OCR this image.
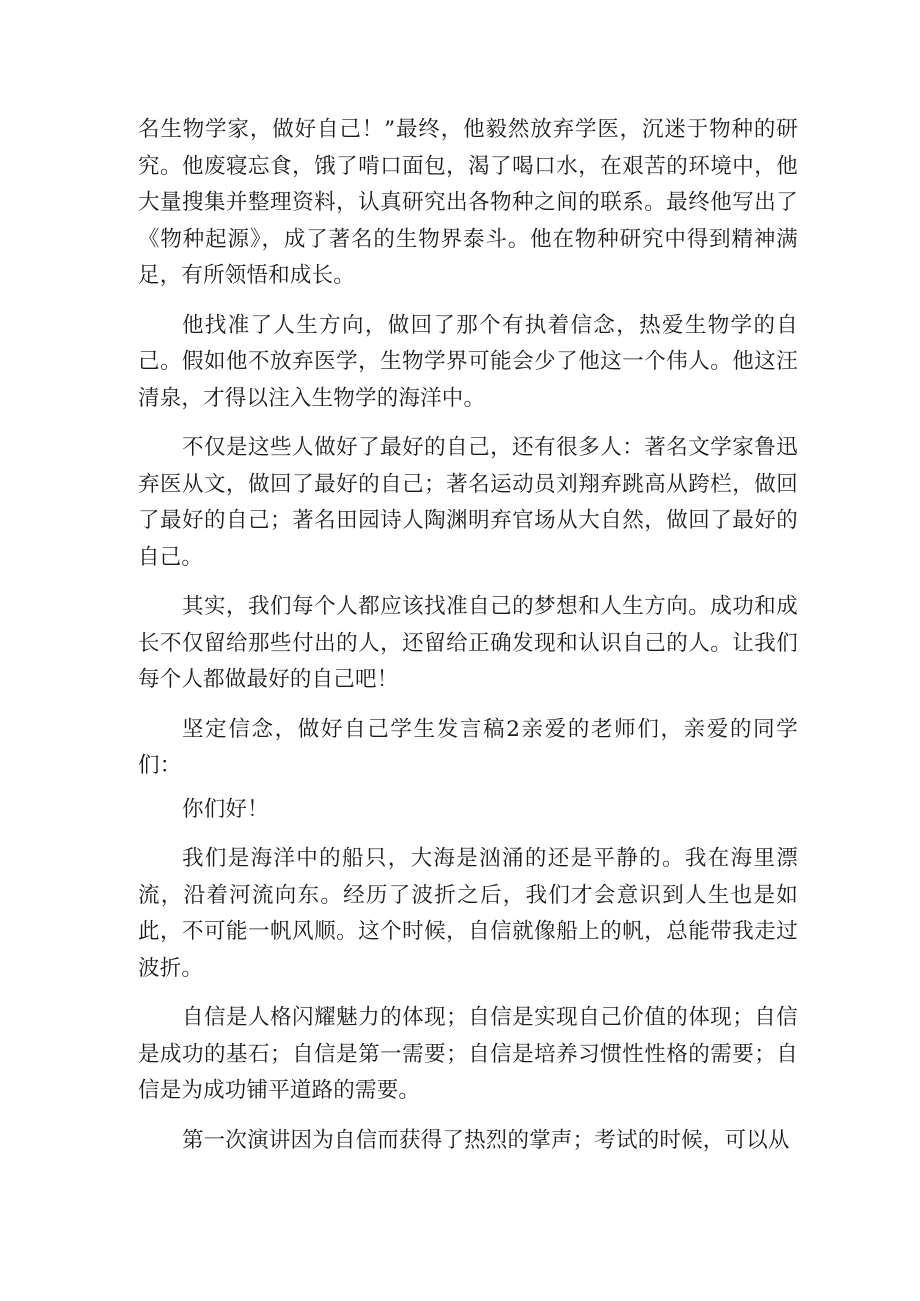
名生物学家，做好自己！”最终，他毅然放弃学医，沉迷于物种的研究。他废寝忘食，饿了啃口面包，渴了喝口水，在艰苦的环境中，他大量搜集并整理资料，认真研究出各物种之间的联系。最终他写出了《物种起源》，成了著名的生物界泰斗。他在物种研究中得到精神满足，有所领悟和成长。

他找准了人生方向，做回了那个有执着信念，热爱生物学的自己。假如他不放弃医学，生物学界可能会少了他这一个伟人。他这汪清泉，才得以注入生物学的海洋中。

不仅是这些人做好了最好的自己，还有很多人：著名文学家鲁迅弃医从文，做回了最好的自己；著名运动员刘翔弃跳高从跨栏，做回了最好的自己；著名田园诗人陶渊明弃官场从大自然，做回了最好的自己。

其实，我们每个人都应该找准自己的梦想和人生方向。成功和成长不仅留给那些付出的人，还留给正确发现和认识自己的人。让我们每个人都做最好的自己吧！

坚定信念，做好自己学生发言稿2亲爱的老师们，亲爱的同学们：

你们好！

我们是海洋中的船只，大海是汹涌的还是平静的。我在海里漂流，沿着河流向东。经历了波折之后，我们才会意识到人生也是如此，不可能一帆风顺。这个时候，自信就像船上的帆，总能带我走过波折。

自信是人格闪耀魅力的体现；自信是实现自己价值的体现；自信是成功的基石；自信是第一需要；自信是培养习惯性性格的需要；自信是为成功铺平道路的需要。

第一次演讲因为自信而获得了热烈的掌声；考试的时候，可以从
